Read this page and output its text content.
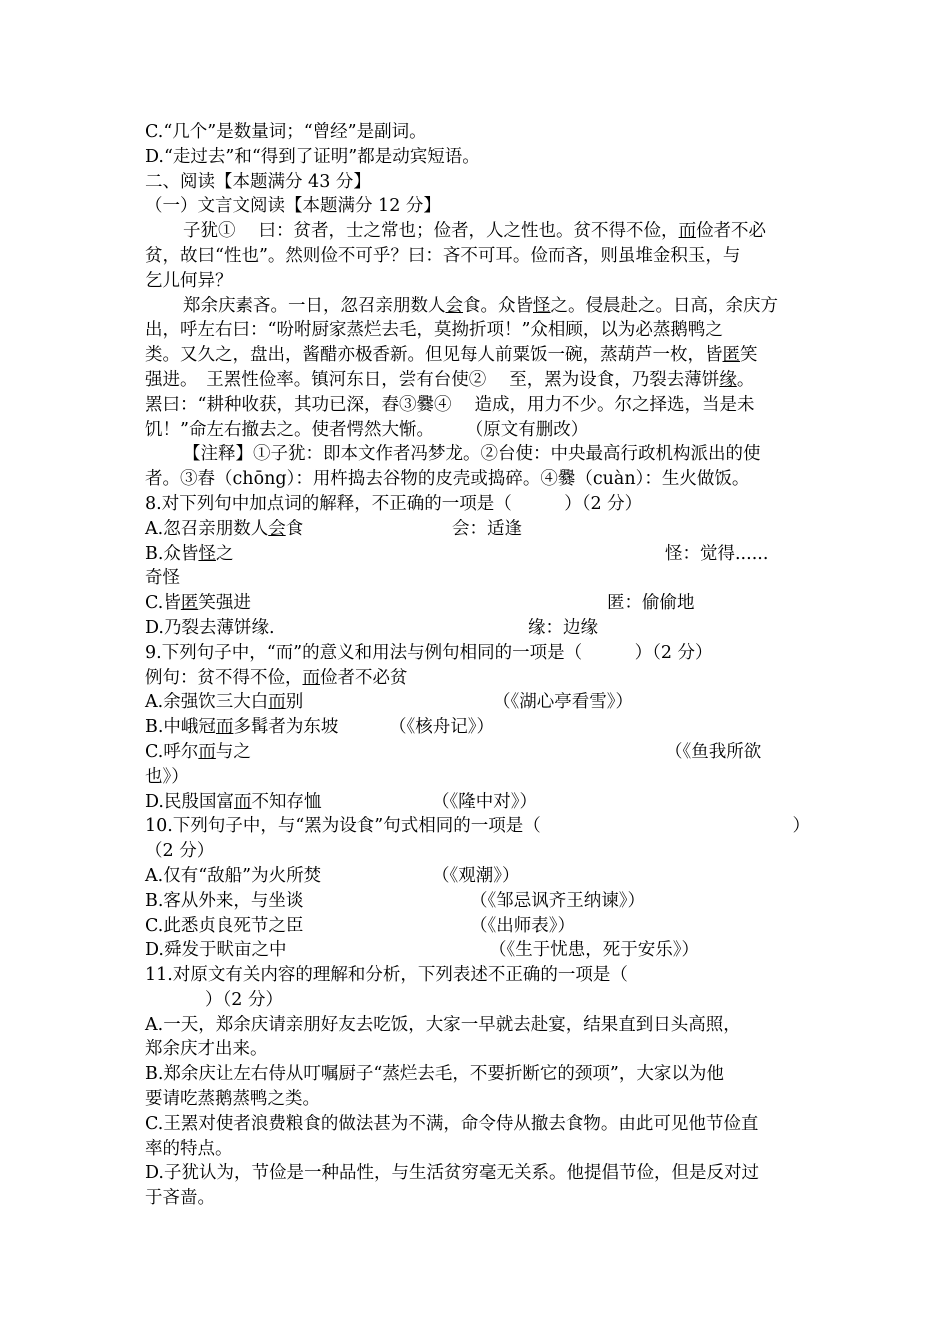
C.“几个”是数量词；“曾经”是副词。
D.“走过去”和“得到了证明”都是动宾短语。
二、阅读【本题满分 43 分】
（一）文言文阅读【本题满分 12 分】
子犹①　 曰：贫者，士之常也；俭者，人之性也。贫不得不俭，而俭者不必
贫，故曰“性也”。然则俭不可乎？曰：吝不可耳。俭而吝，则虽堆金积玉，与
乞儿何异？
郑余庆素吝。一日，忽召亲朋数人会食。众皆怪之。侵晨赴之。日高，余庆方
出，呼左右曰：“吩咐厨家蒸烂去毛，莫拗折项！”众相顾，以为必蒸鹅鸭之
类。又久之，盘出，酱醋亦极香新。但见每人前粟饭一碗，蒸葫芦一枚，皆匿笑
强进。　王罴性俭率。镇河东日，尝有台使②　 至，罴为设食，乃裂去薄饼缘。
罴曰：“耕种收获，其功已深，舂③爨④　 造成，用力不少。尔之择选，当是未
饥！”命左右撤去之。使者愕然大惭。　　 （原文有删改）
【注释】①子犹：即本文作者冯梦龙。②台使：中央最高行政机构派出的使
者。③舂（chōng）：用杵捣去谷物的皮壳或捣碎。④爨（cuàn）：生火做饭。
8.对下列句中加点词的解释，不正确的一项是（　　　）（2 分）
A.忽召亲朋数人会食	会：适逢
B.众皆怪之	怪：觉得......
奇怪
C.皆匿笑强进	匿：偷偷地
D.乃裂去薄饼缘.	缘：边缘
9.下列句子中，“而”的意义和用法与例句相同的一项是（　　　）（2 分）
例句：贫不得不俭，而俭者不必贫
A.余强饮三大白而别	（《湖心亭看雪》）
B.中峨冠而多髯者为东坡	（《核舟记》）
C.呼尔而与之	（《鱼我所欲
也》）
D.民殷国富而不知存恤	（《隆中对》）
10.下列句子中，与“罴为设食”句式相同的一项是（	）
（2 分）
A.仅有“敌船”为火所焚	（《观潮》）
B.客从外来，与坐谈	（《邹忌讽齐王纳谏》）
C.此悉贞良死节之臣	（《出师表》）
D.舜发于畎亩之中	（《生于忧患，死于安乐》）
11.对原文有关内容的理解和分析，下列表述不正确的一项是（
）（2 分）
A.一天，郑余庆请亲朋好友去吃饭，大家一早就去赴宴，结果直到日头高照，
郑余庆才出来。
B.郑余庆让左右侍从叮嘱厨子“蒸烂去毛，不要折断它的颈项”，大家以为他
要请吃蒸鹅蒸鸭之类。
C.王罴对使者浪费粮食的做法甚为不满，命令侍从撤去食物。由此可见他节俭直
率的特点。
D.子犹认为，节俭是一种品性，与生活贫穷毫无关系。他提倡节俭，但是反对过
于吝啬。
